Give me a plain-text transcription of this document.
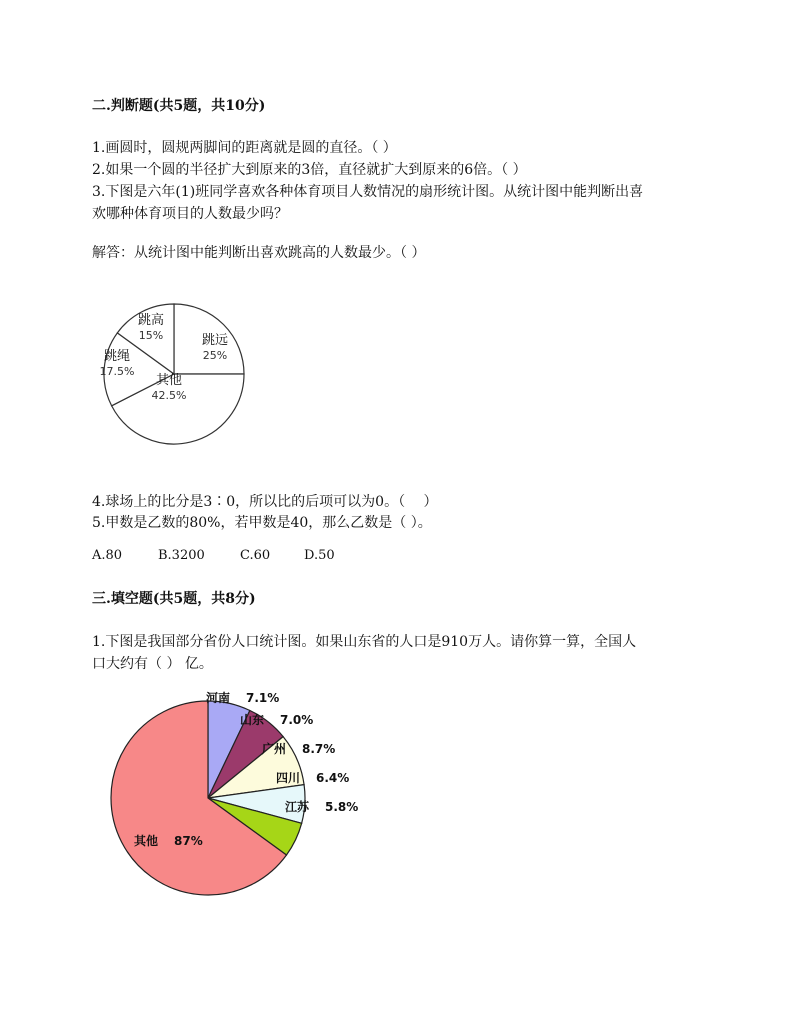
二.判断题(共5题，共10分)
1.画圆时，圆规两脚间的距离就是圆的直径。（ ）
2.如果一个圆的半径扩大到原来的3倍，直径就扩大到原来的6倍。（ ）
3.下图是六年(1)班同学喜欢各种体育项目人数情况的扇形统计图。从统计图中能判断出喜
欢哪种体育项目的人数最少吗？
解答：从统计图中能判断出喜欢跳高的人数最少。（ ）
跳远
25%
其他
42.5%
跳绳
17.5%
跳高
15%
4.球场上的比分是3∶0，所以比的后项可以为0。（　 ）
5.甲数是乙数的80%，若甲数是40，那么乙数是（ ）。
A.80	B.3200	C.60	D.50
三.填空题(共5题，共8分)
1.下图是我国部分省份人口统计图。如果山东省的人口是910万人。请你算一算，全国人
口大约有（ ） 亿。
河南 7.1%
山东 7.0%
广州 8.7%
四川 6.4%
江苏 5.8%
其他 87%
